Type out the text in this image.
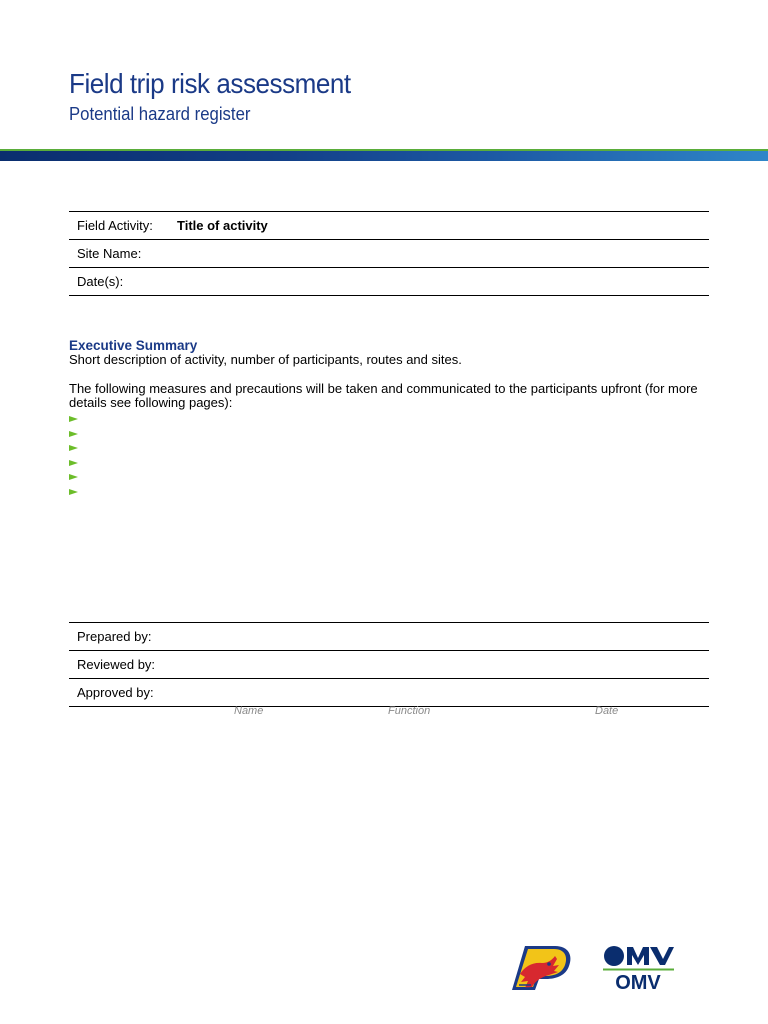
Field trip risk assessment
Potential hazard register
Field Activity:	Title of activity
Site Name:
Date(s):
Executive Summary

Short description of activity, number of participants, routes and sites.

The following measures and precautions will be taken and communicated to the participants upfront (for more details see following pages):

Prepared by:
Reviewed by:
Approved by:
Name	Function	Date
OMV
